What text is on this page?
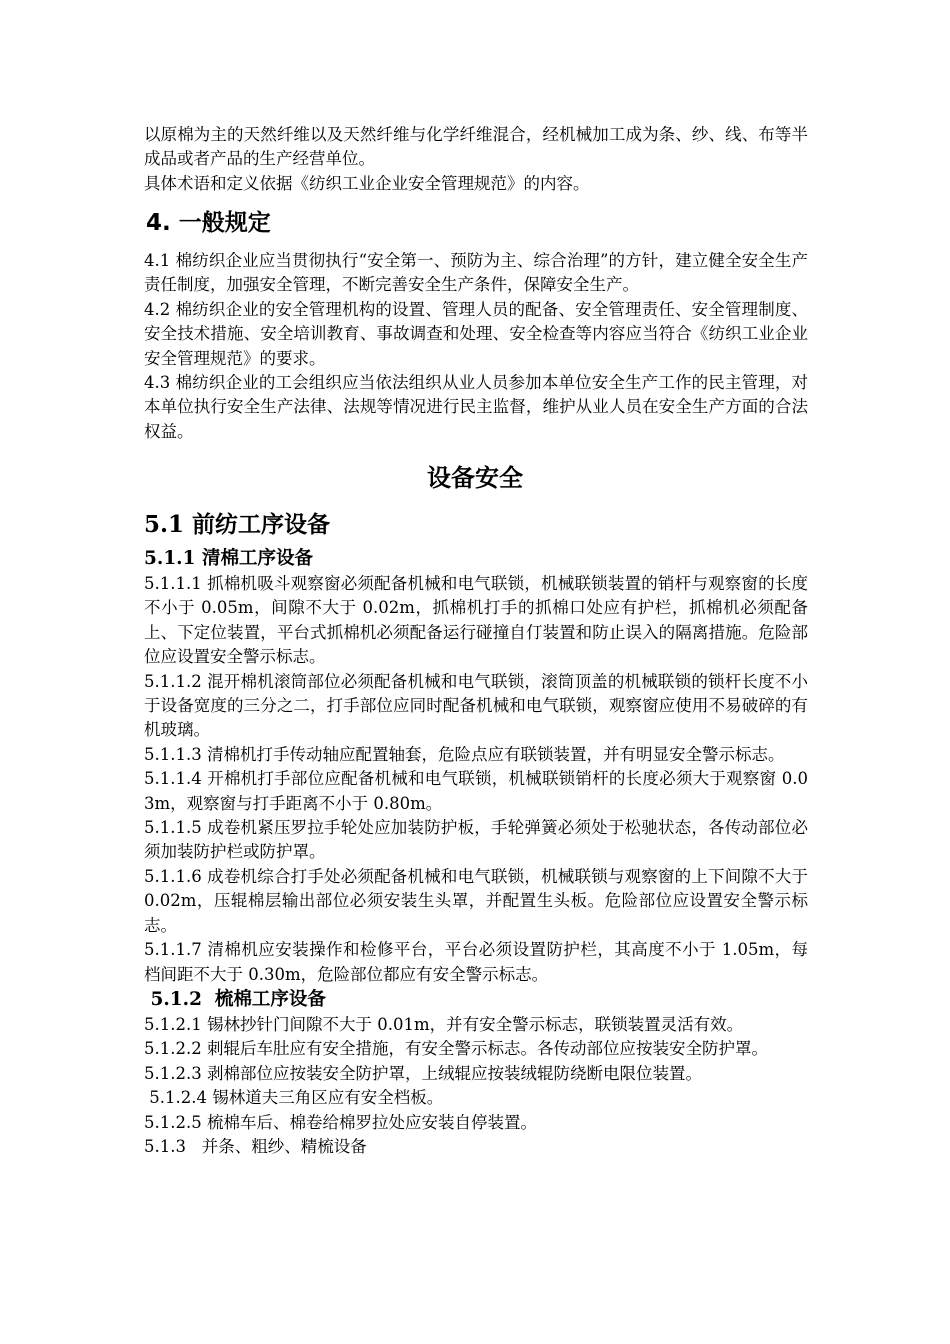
以原棉为主的天然纤维以及天然纤维与化学纤维混合，经机械加工成为条、纱、线、布等半成品或者产品的生产经营单位。

具体术语和定义依据《纺织工业企业安全管理规范》的内容。

4. 一般规定

4.1 棉纺织企业应当贯彻执行“安全第一、预防为主、综合治理”的方针，建立健全安全生产责任制度，加强安全管理，不断完善安全生产条件，保障安全生产。

4.2 棉纺织企业的安全管理机构的设置、管理人员的配备、安全管理责任、安全管理制度、安全技术措施、安全培训教育、事故调查和处理、安全检查等内容应当符合《纺织工业企业安全管理规范》的要求。

4.3 棉纺织企业的工会组织应当依法组织从业人员参加本单位安全生产工作的民主管理，对本单位执行安全生产法律、法规等情况进行民主监督，维护从业人员在安全生产方面的合法权益。

设备安全
5.1 前纺工序设备
5.1.1 清棉工序设备

5.1.1.1 抓棉机吸斗观察窗必须配备机械和电气联锁，机械联锁装置的销杆与观察窗的长度不小于 0.05m，间隙不大于 0.02m，抓棉机打手的抓棉口处应有护栏，抓棉机必须配备上、下定位装置，平台式抓棉机必须配备运行碰撞自仃装置和防止误入的隔离措施。危险部位应设置安全警示标志。

5.1.1.2 混开棉机滚筒部位必须配备机械和电气联锁，滚筒顶盖的机械联锁的锁杆长度不小于设备宽度的三分之二，打手部位应同时配备机械和电气联锁，观察窗应使用不易破碎的有机玻璃。

5.1.1.3 清棉机打手传动轴应配置轴套，危险点应有联锁装置，并有明显安全警示标志。

5.1.1.4 开棉机打手部位应配备机械和电气联锁，机械联锁销杆的长度必须大于观察窗 0.03m，观察窗与打手距离不小于 0.80m。

5.1.1.5 成卷机紧压罗拉手轮处应加装防护板，手轮弹簧必须处于松驰状态，各传动部位必须加装防护栏或防护罩。

5.1.1.6 成卷机综合打手处必须配备机械和电气联锁，机械联锁与观察窗的上下间隙不大于 0.02m，压辊棉层输出部位必须安装生头罩，并配置生头板。危险部位应设置安全警示标志。

5.1.1.7 清棉机应安装操作和检修平台，平台必须设置防护栏，其高度不小于 1.05m，每档间距不大于 0.30m，危险部位都应有安全警示标志。

5.1.2  梳棉工序设备

5.1.2.1 锡林抄针门间隙不大于 0.01m，并有安全警示标志，联锁装置灵活有效。

5.1.2.2 刺辊后车肚应有安全措施，有安全警示标志。各传动部位应按装安全防护罩。

5.1.2.3 剥棉部位应按装安全防护罩，上绒辊应按装绒辊防绕断电限位装置。

5.1.2.4 锡林道夫三角区应有安全档板。

5.1.2.5 梳棉车后、棉卷给棉罗拉处应安装自停装置。

5.1.3   并条、粗纱、精梳设备
